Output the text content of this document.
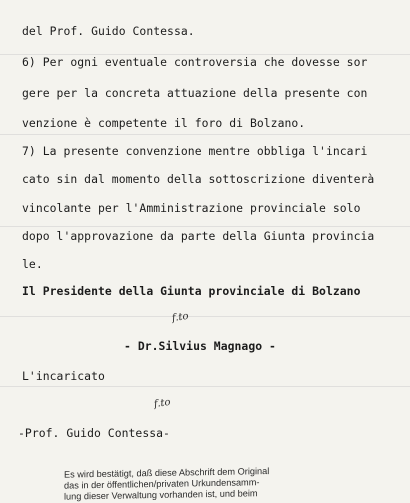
del Prof. Guido Contessa.
6) Per ogni eventuale controversia che dovesse sor
gere per la concreta attuazione della presente con
venzione è competente il foro di Bolzano.
7) La presente convenzione mentre obbliga l'incari
cato sin dal momento della sottoscrizione diventerà
vincolante per l'Amministrazione provinciale solo
dopo l'approvazione da parte della Giunta provincia
le.
Il Presidente della Giunta provinciale di Bolzano
f.to
- Dr.Silvius Magnago -
L'incaricato
f.to
-Prof. Guido Contessa-
Es wird bestätigt, daß diese Abschrift dem Original
das in der öffentlichen/privaten Urkundensamm-
lung dieser Verwaltung vorhanden ist, und beim
